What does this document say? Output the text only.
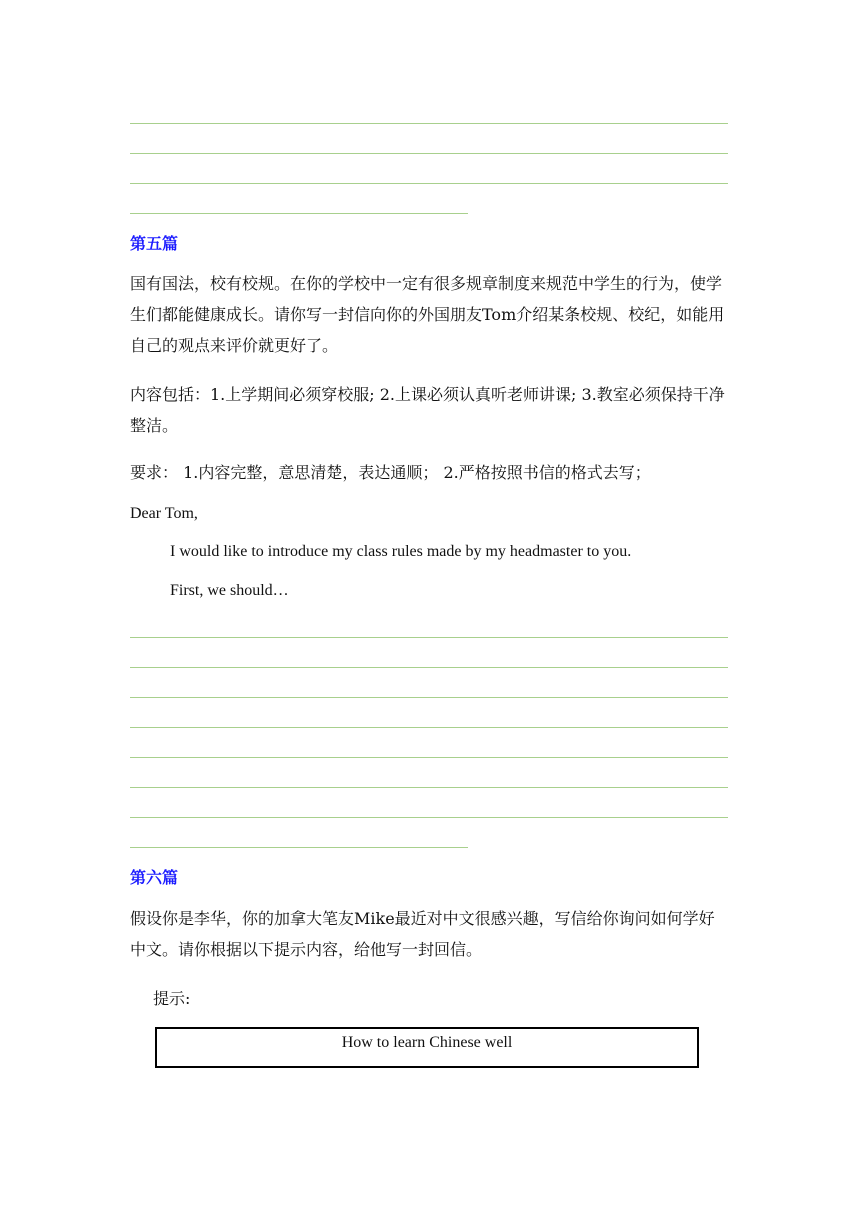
第五篇

国有国法，校有校规。在你的学校中一定有很多规章制度来规范中学生的行为，使学生们都能健康成长。请你写一封信向你的外国朋友Tom介绍某条校规、校纪，如能用自己的观点来评价就更好了。

内容包括：1.上学期间必须穿校服; 2.上课必须认真听老师讲课; 3.教室必须保持干净整洁。

要求： 1.内容完整，意思清楚，表达通顺； 2.严格按照书信的格式去写；

Dear Tom,

I would like to introduce my class rules made by my headmaster to you.

First, we should…

第六篇

假设你是李华，你的加拿大笔友Mike最近对中文很感兴趣，写信给你询问如何学好中文。请你根据以下提示内容，给他写一封回信。

提示:

How to learn Chinese well
